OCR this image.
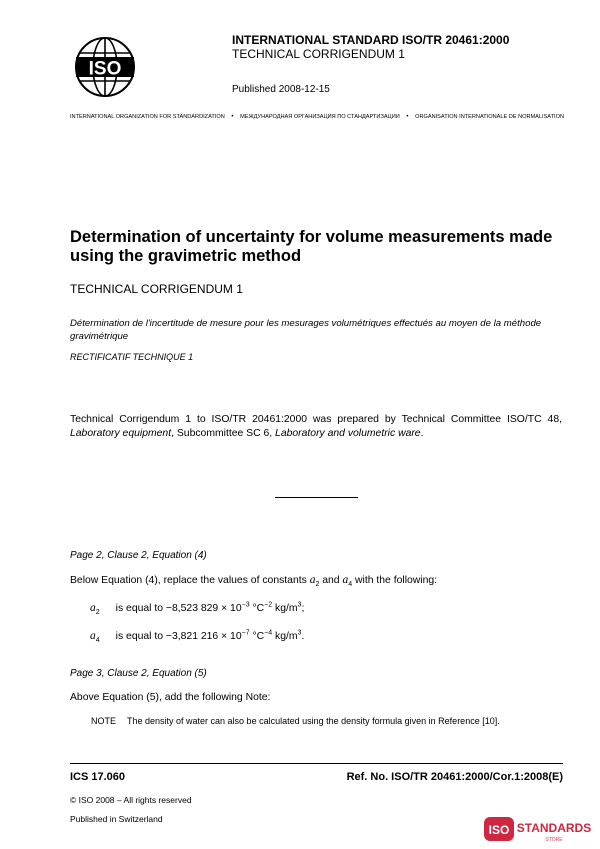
ISO
INTERNATIONAL STANDARD ISO/TR 20461:2000
TECHNICAL CORRIGENDUM 1
Published 2008-12-15
INTERNATIONAL ORGANIZATION FOR STANDARDIZATION • МЕЖДУНАРОДНАЯ ОРГАНИЗАЦИЯ ПО СТАНДАРТИЗАЦИИ • ORGANISATION INTERNATIONALE DE NORMALISATION
Determination of uncertainty for volume measurements made using the gravimetric method
TECHNICAL CORRIGENDUM 1
Détermination de l'incertitude de mesure pour les mesurages volumétriques effectués au moyen de la méthode gravimétrique
RECTIFICATIF TECHNIQUE 1
Technical Corrigendum 1 to ISO/TR 20461:2000 was prepared by Technical Committee ISO/TC 48, Laboratory equipment, Subcommittee SC 6, Laboratory and volumetric ware.
Page 2, Clause 2, Equation (4)
Below Equation (4), replace the values of constants $a_2$ and $a_4$ with the following:
$a_2$ is equal to −8,523 $829 \times 10^{-3}$ $^\circ C^{-2}$ $kg/m^3$;
$a_4$ is equal to −3,821 $216 \times 10^{-7}$ $^\circ C^{-4}$ $kg/m^3$.
Page 3, Clause 2, Equation (5)
Above Equation (5), add the following Note:
NOTE The density of water can also be calculated using the density formula given in Reference [10].
ICS 17.060	Ref. No. ISO/TR 20461:2000/Cor.1:2008(E)
© ISO 2008 – All rights reserved
Published in Switzerland
ISO STANDARDS
STORE
